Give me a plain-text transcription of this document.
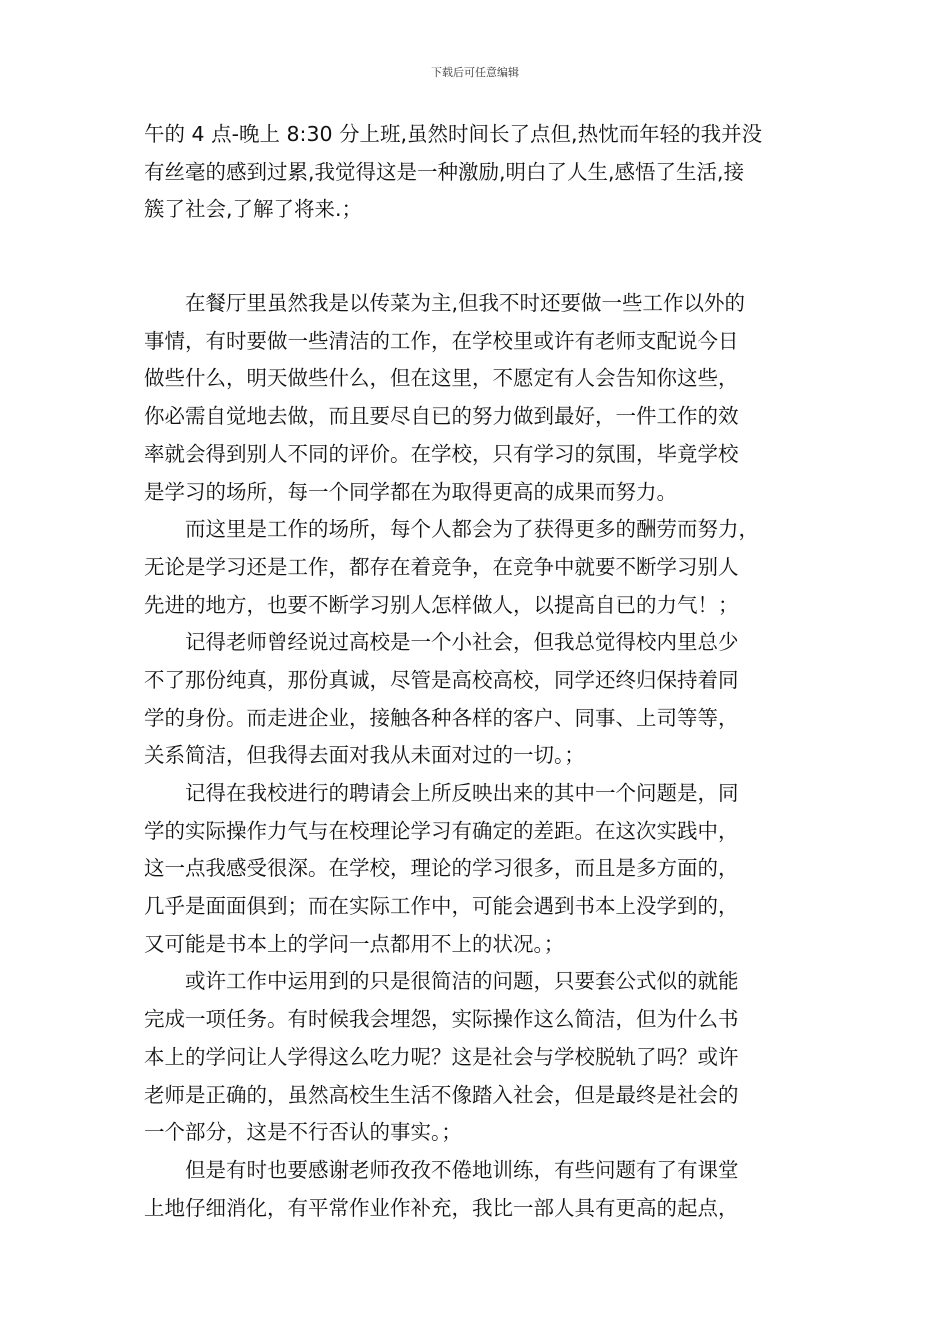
下载后可任意编辑
午的 4 点-晚上 8:30 分上班,虽然时间长了点但,热忱而年轻的我并没
有丝毫的感到过累,我觉得这是一种激励,明白了人生,感悟了生活,接
簇了社会,了解了将来.；
　　在餐厅里虽然我是以传菜为主,但我不时还要做一些工作以外的
事情，有时要做一些清洁的工作，在学校里或许有老师支配说今日
做些什么，明天做些什么，但在这里，不愿定有人会告知你这些，
你必需自觉地去做，而且要尽自已的努力做到最好，一件工作的效
率就会得到别人不同的评价。在学校，只有学习的氛围，毕竟学校
是学习的场所，每一个同学都在为取得更高的成果而努力。
　　而这里是工作的场所，每个人都会为了获得更多的酬劳而努力，
无论是学习还是工作，都存在着竞争，在竞争中就要不断学习别人
先进的地方，也要不断学习别人怎样做人，以提高自已的力气！；
　　记得老师曾经说过高校是一个小社会，但我总觉得校内里总少
不了那份纯真，那份真诚，尽管是高校高校，同学还终归保持着同
学的身份。而走进企业，接触各种各样的客户、同事、上司等等，
关系简洁，但我得去面对我从未面对过的一切。；
　　记得在我校进行的聘请会上所反映出来的其中一个问题是，同
学的实际操作力气与在校理论学习有确定的差距。在这次实践中，
这一点我感受很深。在学校，理论的学习很多，而且是多方面的，
几乎是面面俱到；而在实际工作中，可能会遇到书本上没学到的，
又可能是书本上的学问一点都用不上的状况。；
　　或许工作中运用到的只是很简洁的问题，只要套公式似的就能
完成一项任务。有时候我会埋怨，实际操作这么简洁，但为什么书
本上的学问让人学得这么吃力呢？这是社会与学校脱轨了吗？或许
老师是正确的，虽然高校生生活不像踏入社会，但是最终是社会的
一个部分，这是不行否认的事实。；
　　但是有时也要感谢老师孜孜不倦地训练，有些问题有了有课堂
上地仔细消化，有平常作业作补充，我比一部人具有更高的起点，
